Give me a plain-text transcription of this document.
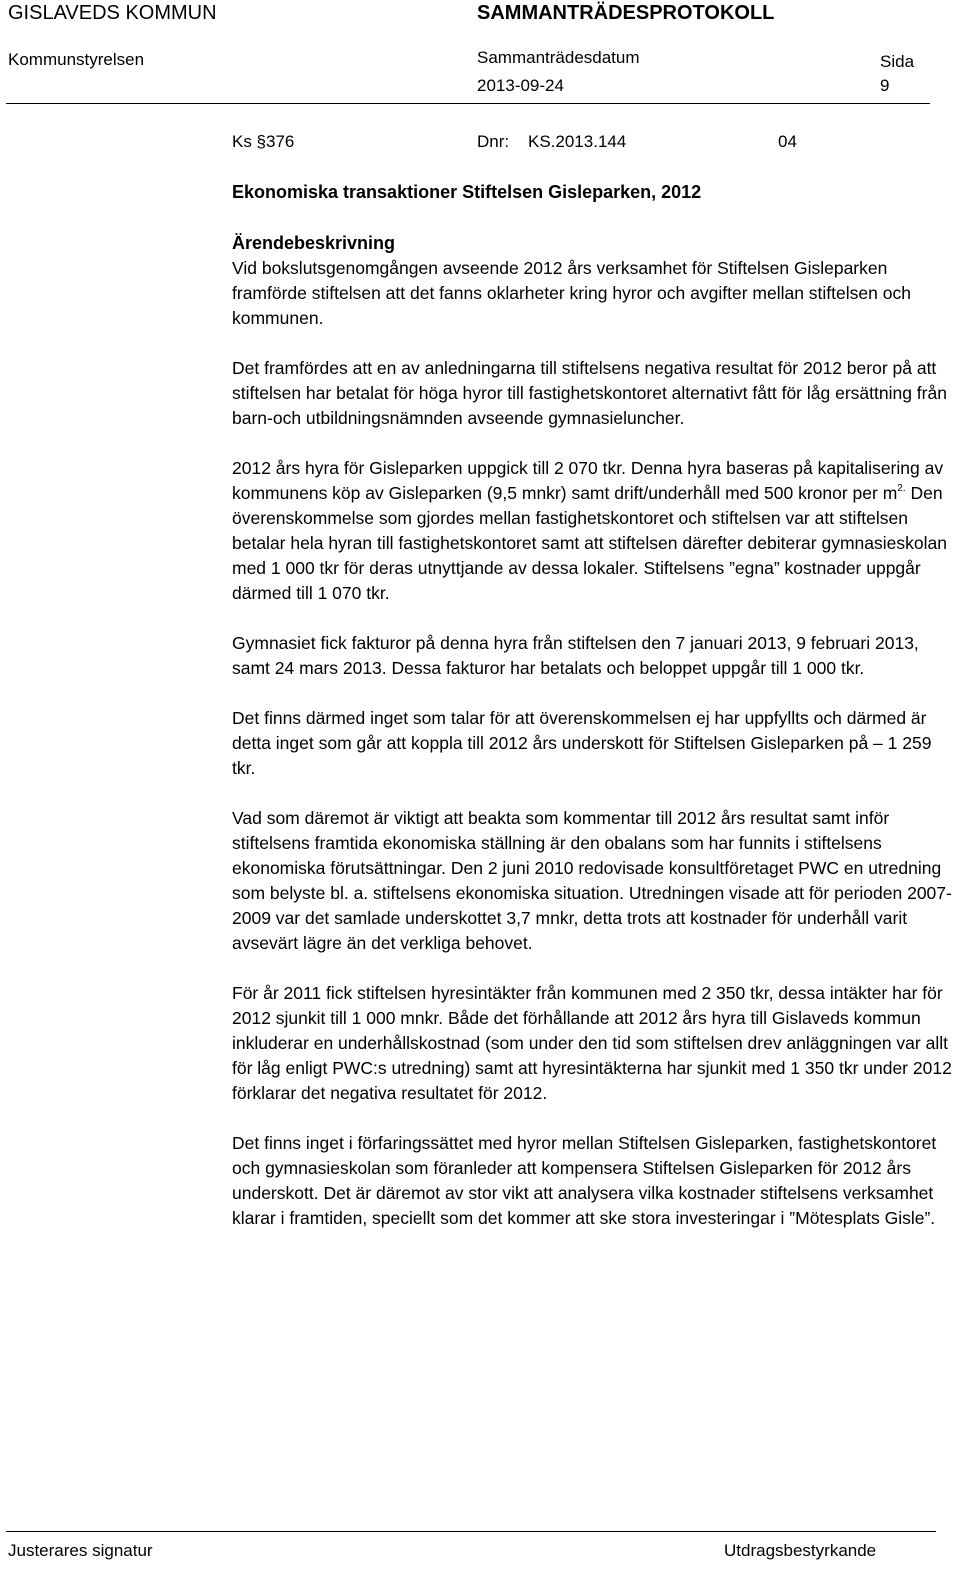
GISLAVEDS KOMMUN	SAMMANTRÄDESPROTOKOLL
Kommunstyrelsen	Sammanträdesdatum	Sida
2013-09-24	9
Ks §376	Dnr: KS.2013.144	04
Ekonomiska transaktioner Stiftelsen Gisleparken, 2012
Ärendebeskrivning

Vid bokslutsgenomgången avseende 2012 års verksamhet för Stiftelsen Gisleparken framförde stiftelsen att det fanns oklarheter kring hyror och avgifter mellan stiftelsen och kommunen.

Det framfördes att en av anledningarna till stiftelsens negativa resultat för 2012 beror på att stiftelsen har betalat för höga hyror till fastighetskontoret alternativt fått för låg ersättning från barn-och utbildningsnämnden avseende gymnasieluncher.

2012 års hyra för Gisleparken uppgick till 2 070 tkr. Denna hyra baseras på kapitalisering av kommunens köp av Gisleparken (9,5 mnkr) samt drift/underhåll med 500 kronor per $m^{2.}$ Den överenskommelse som gjordes mellan fastighetskontoret och stiftelsen var att stiftelsen betalar hela hyran till fastighetskontoret samt att stiftelsen därefter debiterar gymnasieskolan med 1 000 tkr för deras utnyttjande av dessa lokaler. Stiftelsens ”egna” kostnader uppgår därmed till 1 070 tkr.

Gymnasiet fick fakturor på denna hyra från stiftelsen den 7 januari 2013, 9 februari 2013, samt 24 mars 2013. Dessa fakturor har betalats och beloppet uppgår till 1 000 tkr.

Det finns därmed inget som talar för att överenskommelsen ej har uppfyllts och därmed är detta inget som går att koppla till 2012 års underskott för Stiftelsen Gisleparken på – 1 259 tkr.

Vad som däremot är viktigt att beakta som kommentar till 2012 års resultat samt inför stiftelsens framtida ekonomiska ställning är den obalans som har funnits i stiftelsens ekonomiska förutsättningar. Den 2 juni 2010 redovisade konsultföretaget PWC en utredning som belyste bl. a. stiftelsens ekonomiska situation. Utredningen visade att för perioden 2007-2009 var det samlade underskottet 3,7 mnkr, detta trots att kostnader för underhåll varit avsevärt lägre än det verkliga behovet.

För år 2011 fick stiftelsen hyresintäkter från kommunen med 2 350 tkr, dessa intäkter har för 2012 sjunkit till 1 000 mnkr. Både det förhållande att 2012 års hyra till Gislaveds kommun inkluderar en underhållskostnad (som under den tid som stiftelsen drev anläggningen var allt för låg enligt PWC:s utredning) samt att hyresintäkterna har sjunkit med 1 350 tkr under 2012 förklarar det negativa resultatet för 2012.

Det finns inget i förfaringssättet med hyror mellan Stiftelsen Gisleparken, fastighetskontoret och gymnasieskolan som föranleder att kompensera Stiftelsen Gisleparken för 2012 års underskott. Det är däremot av stor vikt att analysera vilka kostnader stiftelsens verksamhet klarar i framtiden, speciellt som det kommer att ske stora investeringar i ”Mötesplats Gisle”.

Justerares signatur	Utdragsbestyrkande
